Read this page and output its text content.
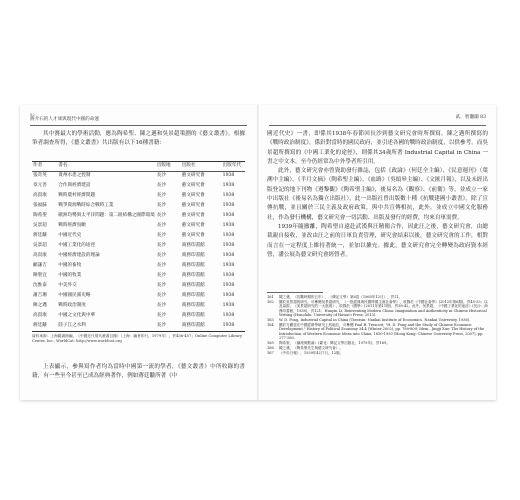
82
蔣介石的人才庫與現代中國的命運

其中賽最大的學術活動，應為陶希聖、陳之邁和吳景超策劃的《藝文叢書》。根據筆者調查所得，《藝文叢書》共出版有以下16種書籍：

作者	書名	出版地	出版社	出版年代
張奇英	貴州水患之控制	長沙	藝文研究會	1938
章元善	合作與經濟建設	長沙	藝文研究會	1938
高叔康	戰時農村經濟問題	長沙	藝文研究會	1938
張福蘇	戰爭資源戰時綜合戰時工業	長沙	藝文研究會	1938
陶希聖	歐洲均勢與太平洋問題：第二冊結構之國際環境	長沙	藝文研究會	1938
吳景超	戰時經濟鳥瞰	長沙	藝文研究會	1938
蔣廷黻	中國近代史	長沙	藝文研究會	1938
吳景超	中國工業化的途徑	長沙	商務印書館	1938
高叔康	中國經濟建設的理論	長沙	商務印書館	1938
顧謙吉	中國的畜牧	長沙	商務印書館	1938
陳聖宜	中國的牧業	長沙	商務印書館	1938
沈惟泰	中美外交	長沙	商務印書館	1938
蕭吉珊	中國國民黨史略	長沙	商務印書館	1938
陳之邁	戰時政治制度	長沙	商務印書館	1938
高叔康	中國之文化與中華	長沙	商務印書館	1938
蔣廷黻	陸子江之水利	長沙	商務印書館	1938
資料來源：上海圖書館編，《中國近代現代叢書目錄》（上海：編者印行，1979年），頁456-457；Online Computer Library Center, Inc., WorldCat: http://www.worldcat.org

上表顯示，參與寫作者均為當時中國第一流的學者，《藝文叢書》中所收錄的書籍，有一些至今甚至已成為經典著作，例如蔣廷黻所著《中

貳．智囊團 83

國近代史》一書，即係其1938年春節回長沙到藝文研究會時所撰寫。陳之邁所撰寫的《戰時政治制度》，係針對當時的國民政府，並引述各國的戰時政治制度，以供參考。而吳景超所撰寫的《中國工業化的途徑》，則係其34歲所著 Industrial Capital in China 一書之中文本，至今仍經常為中外學者所引用。

此外，藝文研究會亦曾資助發行雜誌，包括《政論》（何廷全主編）、《民意週刊》（葉溯中主編）、《半月文摘》（陶希聖主編）、《血路》（吳頌皋主編）、《文匯月報》，以及未經出版登記的地下刊物《遵黎觀》《陶希聖主編》，後易名為《觀察》、《前衛》等，並成立一家中出版社《後易名為獨立出版社），此一出版社曾出版數十種《抗戰建國小叢書》。除了宣傳抗戰，並且關於三民主義及政府政策，與中共宣傳相抗，此外，並成立中國文化服務社，作為發行機構，藝文研究會一切活動、出版及發行的經費，均來自軍需費。

1939年隨撤離，陶希聖自遠赴武漢與汪精衛合作，因此汪之後，藝文研究會，由總裁親自接收，並改由汪之前的日軍負責管理，研究會結束以後，藝文研究會的工作，相對而言在一定程度上維持著統一，並加以擴充。據此，藝文研究會完全轉變為政府資本經營，潘公展為藝文研究會經營者。

161	陳之邁，《抗戰時期的五年》，《傳記文學》第6卷（1965年12月），頁11。
162	關於吳景超的研究，可參閱吳景超研究，《一批經典與民國時期主流社會學》，收錄於《中國社會學》(2012年第6期)，頁45-53；以及蕭蔚，《吳景超研究的一大進展》，收錄於《國學》(2011年第11期)，頁38-42。此外，吳景超，《中國工業化的途徑》(長沙：商務印書館，1938)，頁121；Huayin Li, Reinventing Modern China: Imagination and Authenticity in Chinese Historical Writing (Honolulu: University of Hawai'i Press, 2013).
163	W. D. Fong, Industrial Capital in China (Tientsin: Nankai Institute of Economics, Nankai University, 1936).
164	關於方顯廷在中國經濟學研究上的地位，可參閱 Paul B. Trescott, "H. D. Fong and the Study of Chinese Economic Development," History of Political Economy 34:4 (Winter 2002), pp. 789-809; Idem., Jingji Xue: The History of the Introduction of Western Economic Ideas into China, 1850-1950 (Hong Kong: Chinese University Press, 2007), pp. 277-280.
165	陶希聖，《潮流與點滴》(臺北：傳記文學出版社，1979年)，頁169。
166	陳之邁，《陶希聖先生與藝文研究會》。
167	《中央日報》，1939年4月7日，12版。
